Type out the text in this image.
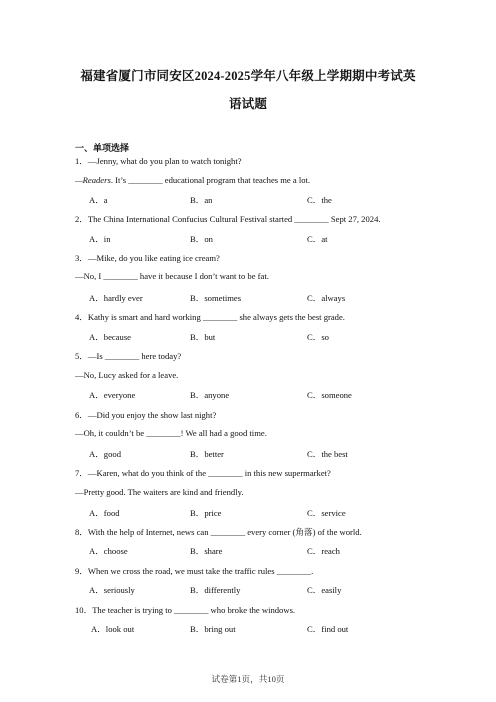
福建省厦门市同安区2024-2025学年八年级上学期期中考试英
语试题
一、单项选择
1．—Jenny, what do you plan to watch tonight?
—Readers. It’s ________ educational program that teaches me a lot.
A．a	B．an	C．the
2．The China International Confucius Cultural Festival started ________ Sept 27, 2024.
A．in	B．on	C．at
3．—Mike, do you like eating ice cream?
—No, I ________ have it because I don’t want to be fat.
A．hardly ever	B．sometimes	C．always
4．Kathy is smart and hard working ________ she always gets the best grade.
A．because	B．but	C．so
5．—Is ________ here today?
—No, Lucy asked for a leave.
A．everyone	B．anyone	C．someone
6．—Did you enjoy the show last night?
—Oh, it couldn’t be ________! We all had a good time.
A．good	B．better	C．the best
7．—Karen, what do you think of the ________ in this new supermarket?
—Pretty good. The waiters are kind and friendly.
A．food	B．price	C．service
8．With the help of Internet, news can ________ every corner (角落) of the world.
A．choose	B．share	C．reach
9．When we cross the road, we must take the traffic rules ________.
A．seriously	B．differently	C．easily
10．The teacher is trying to ________ who broke the windows.
A．look out	B．bring out	C．find out
试卷第1页，共10页
